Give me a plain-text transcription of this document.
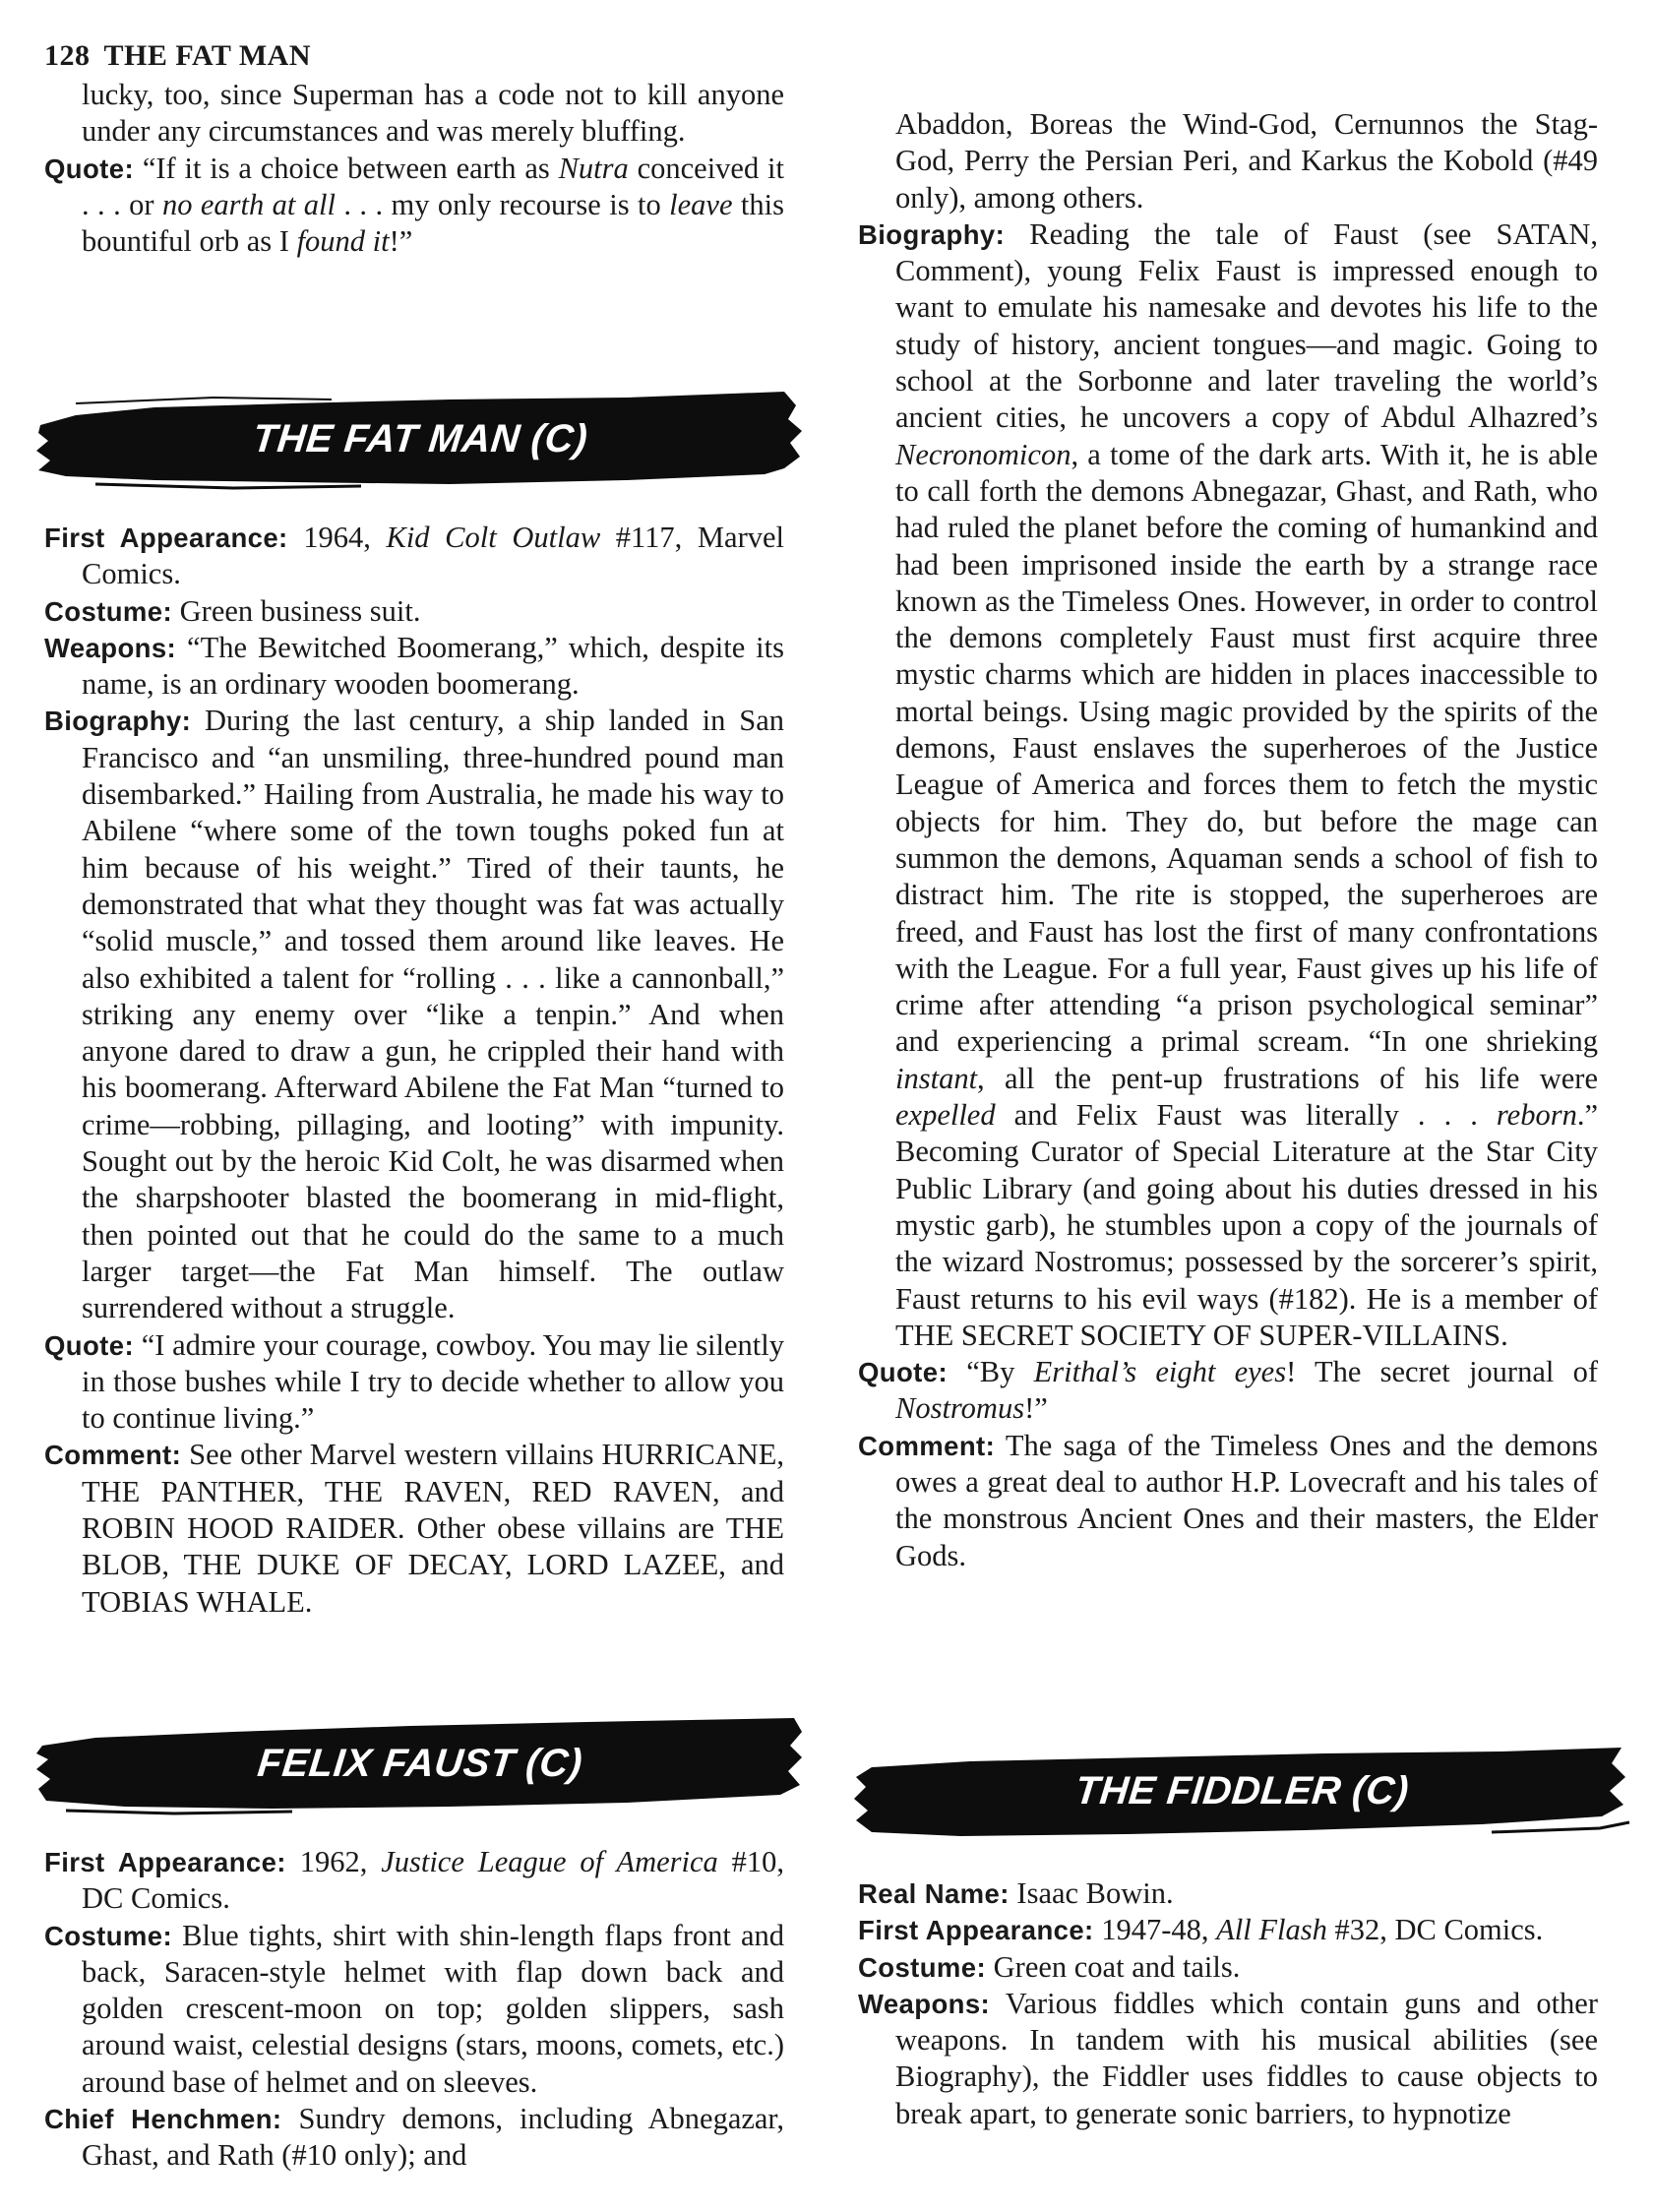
128 THE FAT MAN

lucky, too, since Superman has a code not to kill anyone under any circumstances and was merely bluffing.

Quote: “If it is a choice between earth as Nutra conceived it . . . or no earth at all . . . my only recourse is to leave this bountiful orb as I found it!”

THE FAT MAN (C)

First Appearance: 1964, Kid Colt Outlaw #117, Marvel Comics.

Costume: Green business suit.

Weapons: “The Bewitched Boomerang,” which, despite its name, is an ordinary wooden boomerang.

Biography: During the last century, a ship landed in San Francisco and “an unsmiling, three-hundred pound man disembarked.” Hailing from Australia, he made his way to Abilene “where some of the town toughs poked fun at him because of his weight.” Tired of their taunts, he demonstrated that what they thought was fat was actually “solid muscle,” and tossed them around like leaves. He also exhibited a talent for “rolling . . . like a cannonball,” striking any enemy over “like a tenpin.” And when anyone dared to draw a gun, he crippled their hand with his boomerang. Afterward Abilene the Fat Man “turned to crime—robbing, pillaging, and looting” with impunity. Sought out by the heroic Kid Colt, he was disarmed when the sharpshooter blasted the boomerang in mid-flight, then pointed out that he could do the same to a much larger target—the Fat Man himself. The outlaw surrendered without a struggle.

Quote: “I admire your courage, cowboy. You may lie silently in those bushes while I try to decide whether to allow you to continue living.”

Comment: See other Marvel western villains HURRICANE, THE PANTHER, THE RAVEN, RED RAVEN, and ROBIN HOOD RAIDER. Other obese villains are THE BLOB, THE DUKE OF DECAY, LORD LAZEE, and TOBIAS WHALE.

FELIX FAUST (C)

First Appearance: 1962, Justice League of America #10, DC Comics.

Costume: Blue tights, shirt with shin-length flaps front and back, Saracen-style helmet with flap down back and golden crescent-moon on top; golden slippers, sash around waist, celestial designs (stars, moons, comets, etc.) around base of helmet and on sleeves.

Chief Henchmen: Sundry demons, including Abnegazar, Ghast, and Rath (#10 only); and

Abaddon, Boreas the Wind-God, Cernunnos the Stag-God, Perry the Persian Peri, and Karkus the Kobold (#49 only), among others.

Biography: Reading the tale of Faust (see SATAN, Comment), young Felix Faust is impressed enough to want to emulate his namesake and devotes his life to the study of history, ancient tongues—and magic. Going to school at the Sorbonne and later traveling the world’s ancient cities, he uncovers a copy of Abdul Alhazred’s Necronomicon, a tome of the dark arts. With it, he is able to call forth the demons Abnegazar, Ghast, and Rath, who had ruled the planet before the coming of humankind and had been imprisoned inside the earth by a strange race known as the Timeless Ones. However, in order to control the demons completely Faust must first acquire three mystic charms which are hidden in places inaccessible to mortal beings. Using magic provided by the spirits of the demons, Faust enslaves the superheroes of the Justice League of America and forces them to fetch the mystic objects for him. They do, but before the mage can summon the demons, Aquaman sends a school of fish to distract him. The rite is stopped, the superheroes are freed, and Faust has lost the first of many confrontations with the League. For a full year, Faust gives up his life of crime after attending “a prison psychological seminar” and experiencing a primal scream. “In one shrieking instant, all the pent-up frustrations of his life were expelled and Felix Faust was literally . . . reborn.” Becoming Curator of Special Literature at the Star City Public Library (and going about his duties dressed in his mystic garb), he stumbles upon a copy of the journals of the wizard Nostromus; possessed by the sorcerer’s spirit, Faust returns to his evil ways (#182). He is a member of THE SECRET SOCIETY OF SUPER-VILLAINS.

Quote: “By Erithal’s eight eyes! The secret journal of Nostromus!”

Comment: The saga of the Timeless Ones and the demons owes a great deal to author H.P. Lovecraft and his tales of the monstrous Ancient Ones and their masters, the Elder Gods.

THE FIDDLER (C)

Real Name: Isaac Bowin.

First Appearance: 1947-48, All Flash #32, DC Comics.

Costume: Green coat and tails.

Weapons: Various fiddles which contain guns and other weapons. In tandem with his musical abilities (see Biography), the Fiddler uses fiddles to cause objects to break apart, to generate sonic barriers, to hypnotize
